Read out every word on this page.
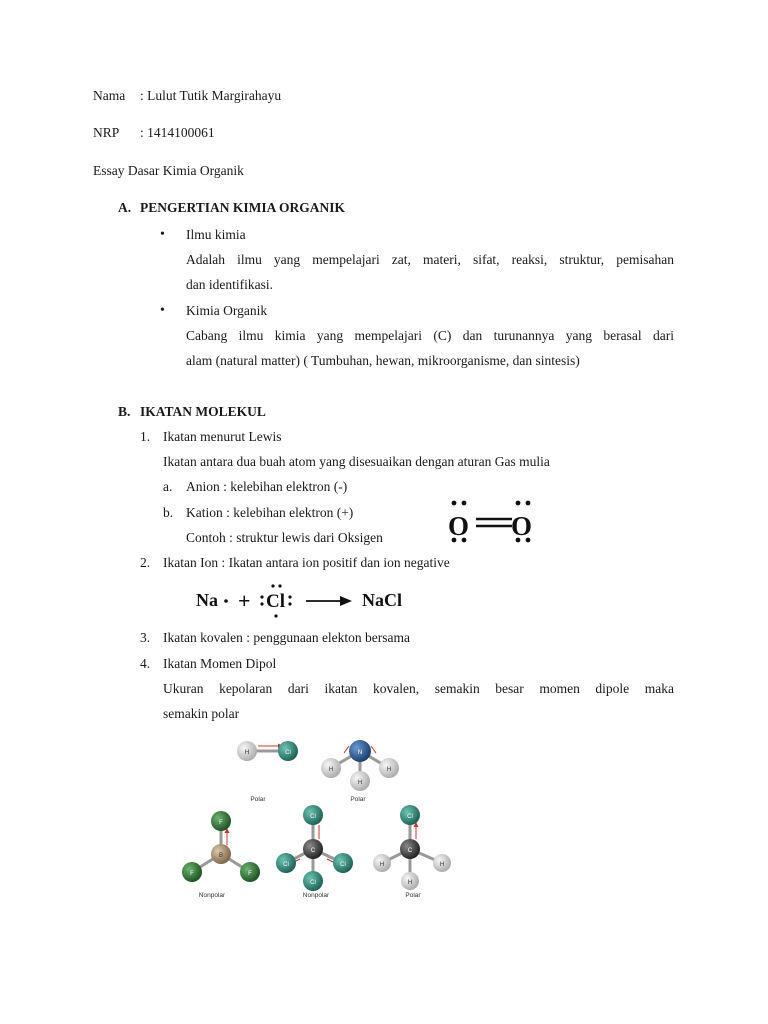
Nama : Lulut Tutik Margirahayu
NRP : 1414100061
Essay Dasar Kimia Organik
A. PENGERTIAN KIMIA ORGANIK
• Ilmu kimia
Adalah ilmu yang mempelajari zat, materi, sifat, reaksi, struktur, pemisahan
dan identifikasi.
• Kimia Organik
Cabang ilmu kimia yang mempelajari (C) dan turunannya yang berasal dari
alam (natural matter) ( Tumbuhan, hewan, mikroorganisme, dan sintesis)
B. IKATAN MOLEKUL
1. Ikatan menurut Lewis
Ikatan antara dua buah atom yang disesuaikan dengan aturan Gas mulia
a. Anion : kelebihan elektron (-)
b. Kation : kelebihan elektron (+)
Contoh : struktur lewis dari Oksigen O O
2. Ikatan Ion : Ikatan antara ion positif dan ion negative
Na + Cl	NaCl
3. Ikatan kovalen : penggunaan elekton bersama
4. Ikatan Momen Dipol
Ukuran kepolaran dari ikatan kovalen, semakin besar momen dipole maka
semakin polar
H	Cl
Polar
H	H
H
N
Polar
F
F	F
B
Nonpolar
Cl
Cl	Cl
C
Cl
Nonpolar
Cl
H	H
C
H
Polar
